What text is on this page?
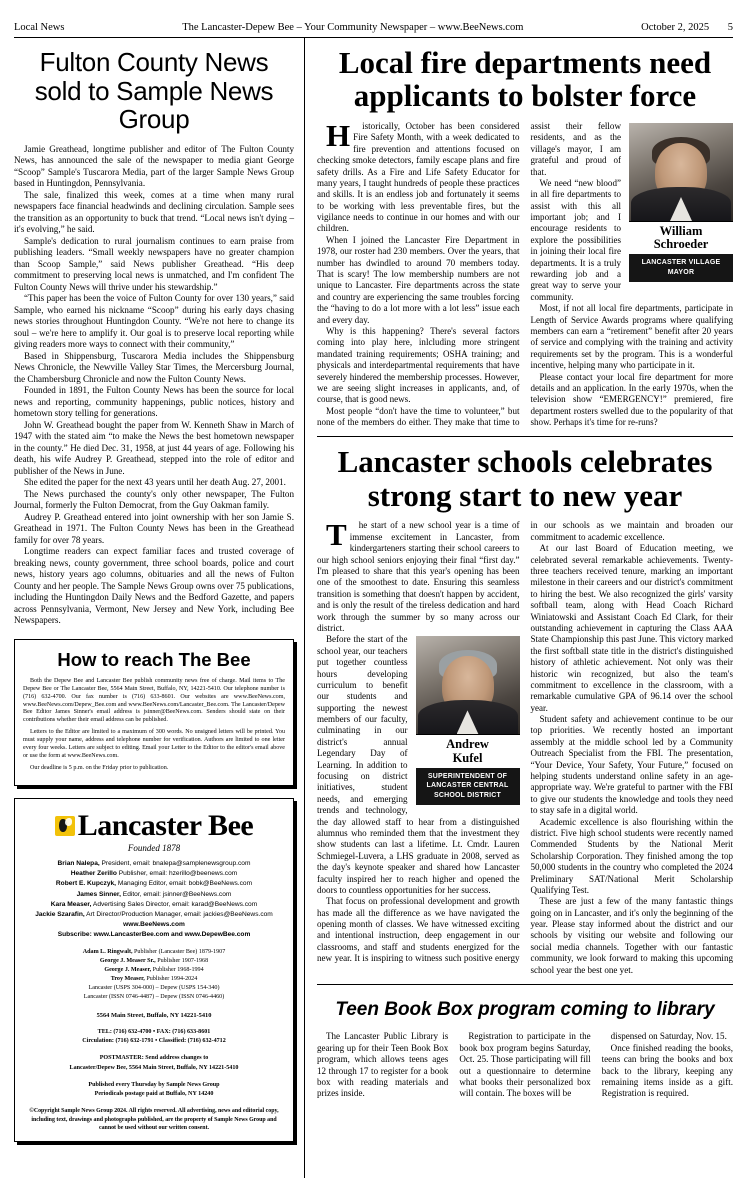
Local News	The Lancaster-Depew Bee – Your Community Newspaper – www.BeeNews.com	October 2, 2025 5
Fulton County News sold to Sample News Group

Jamie Greathead, longtime publisher and editor of The Fulton County News, has announced the sale of the newspaper to media giant George “Scoop” Sample's Tuscarora Media, part of the larger Sample News Group based in Huntingdon, Pennsylvania.

The sale, finalized this week, comes at a time when many rural newspapers face financial headwinds and declining circulation. Sample sees the transition as an opportunity to buck that trend. “Local news isn't dying – it's evolving,” he said.

Sample's dedication to rural journalism continues to earn praise from publishing leaders. “Small weekly newspapers have no greater champion than Scoop Sample,” said News publisher Greathead. “His deep commitment to preserving local news is unmatched, and I'm confident The Fulton County News will thrive under his stewardship.”

“This paper has been the voice of Fulton County for over 130 years,” said Sample, who earned his nickname “Scoop” during his early days chasing news stories throughout Huntingdon County. “We're not here to change its soul – we're here to amplify it. Our goal is to preserve local reporting while giving readers more ways to connect with their community,”

Based in Shippensburg, Tuscarora Media includes the Shippensburg News Chronicle, the Newville Valley Star Times, the Mercersburg Journal, the Chambersburg Chronicle and now the Fulton County News.

Founded in 1891, the Fulton County News has been the source for local news and reporting, community happenings, public notices, history and hometown story telling for generations.

John W. Greathead bought the paper from W. Kenneth Shaw in March of 1947 with the stated aim “to make the News the best hometown newspaper in the county.” He died Dec. 31, 1958, at just 44 years of age. Following his death, his wife Audrey P. Greathead, stepped into the role of editor and publisher of the News in June.

She edited the paper for the next 43 years until her death Aug. 27, 2001.

The News purchased the county's only other newspaper, The Fulton Journal, formerly the Fulton Democrat, from the Guy Oakman family.

Audrey P. Greathead entered into joint ownership with her son Jamie S. Greathead in 1971. The Fulton County News has been in the Greathead family for over 78 years.

Longtime readers can expect familiar faces and trusted coverage of breaking news, county government, three school boards, police and court news, history years ago columns, obituaries and all the news of Fulton County and her people. The Sample News Group owns over 75 publications, including the Huntingdon Daily News and the Bedford Gazette, and papers across Pennsylvania, Vermont, New Jersey and New York, including Bee Newspapers.

How to reach The Bee

Both the Depew Bee and Lancaster Bee publish community news free of charge. Mail items to The Depew Bee or The Lancaster Bee, 5564 Main Street, Buffalo, NY, 14221-5410. Our telephone number is (716) 632-4700. Our fax number is (716) 633-8601. Our websites are www.BeeNews.com, www.BeeNews.com/Depew_Bee.com and www.BeeNews.com/Lancaster_Bee.com. The Lancaster/Depew Bee Editor James Sinner's email address is jsinner@BeeNews.com. Senders should state on their contributions whether their email address can be published.

Letters to the Editor are limited to a maximum of 300 words. No unsigned letters will be printed. You must supply your name, address and telephone number for verification. Authors are limited to one letter every four weeks. Letters are subject to editing. Email your Letter to the Editor to the editor's email above or use the form at www.BeeNews.com.

Our deadline is 5 p.m. on the Friday prior to publication.

Lancaster Bee
Founded 1878
Brian Nalepa, President, email: bnalepa@samplenewsgroup.com
Heather Zerillo Publisher, email: hzerillo@beenews.com
Robert E. Kupczyk, Managing Editor, email: bobk@BeeNews.com
James Sinner, Editor, email: jsinner@BeeNews.com
Kara Measer, Advertising Sales Director, email: karad@BeeNews.com
Jackie Szarafin, Art Director/Production Manager, email: jackies@BeeNews.com
www.BeeNews.com
Subscribe: www.LancasterBee.com and www.DepewBee.com
Adam L. Ringwalt, Publisher (Lancaster Bee) 1879-1907
George J. Measer Sr., Publisher 1907-1968
George J. Measer, Publisher 1968-1994
Troy Measer, Publisher 1994-2024
Lancaster (USPS 304-000) – Depew (USPS 154-340)
Lancaster (ISSN 0746-4487) – Depew (ISSN 0746-4460)
5564 Main Street, Buffalo, NY 14221-5410
TEL: (716) 632-4700 • FAX: (716) 633-8601
Circulation: (716) 632-1791 • Classified: (716) 632-4712
POSTMASTER: Send address changes to
Lancaster/Depew Bee, 5564 Main Street, Buffalo, NY 14221-5410
Published every Thursday by Sample News Group
Periodicals postage paid at Buffalo, NY 14240
©Copyright Sample News Group 2024. All rights reserved. All advertising, news and editorial copy, including text, drawings and photographs published, are the property of Sample News Group and cannot be used without our written consent.
Local fire departments need applicants to bolster force

Historically, October has been considered Fire Safety Month, with a week dedicated to fire prevention and attentions focused on checking smoke detectors, family escape plans and fire safety drills. As a Fire and Life Safety Educator for many years, I taught hundreds of people these practices and skills. It is an endless job and fortunately it seems to be working with less preventable fires, but the vigilance needs to continue in our homes and with our children.

When I joined the Lancaster Fire Department in 1978, our roster had 230 members. Over the years, that number has dwindled to around 70 members today. That is scary! The low membership numbers are not unique to Lancaster. Fire departments across the state and country are experiencing the same troubles forcing the “having to do a lot more with a lot less” issue each and every day.

Why is this happening? There's several factors coming into play here, inlcluding more stringent mandated training requirements; OSHA training; and physicals and interdepartmental requirements that have severely hindered the membership processes. However, we are seeing slight increases in applicants, and, of course, that is good news.

William
Schroeder
LANCASTER VILLAGE
MAYOR

Most people “don't have the time to volunteer,” but none of the members do either. They make that time to assist their fellow residents, and as the village's mayor, I am grateful and proud of that.

We need “new blood” in all fire departments to assist with this all important job; and I encourage residents to explore the possibilities in joining their local fire departments. It is a truly rewarding job and a great way to serve your community.

Most, if not all local fire departments, participate in Length of Service Awards programs where qualifying members can earn a “retirement” benefit after 20 years of service and complying with the training and activity requirements set by the program. This is a wonderful incentive, helping many who participate in it.

Please contact your local fire department for more details and an application. In the early 1970s, when the television show “EMERGENCY!” premiered, fire department rosters swelled due to the popularity of that show. Perhaps it's time for re-runs?

Lancaster schools celebrates strong start to new year

The start of a new school year is a time of immense excitement in Lancaster, from kindergarteners starting their school careers to our high school seniors enjoying their final “first day.” I'm pleased to share that this year's opening has been one of the smoothest to date. Ensuring this seamless transition is something that doesn't happen by accident, and is only the result of the tireless dedication and hard work through the summer by so many across our district.

Andrew
Kufel
SUPERINTENDENT OF
LANCASTER CENTRAL
SCHOOL DISTRICT

Before the start of the school year, our teachers put together countless hours developing curriculum to benefit our students and supporting the newest members of our faculty, culminating in our district's annual Legendary Day of Learning. In addition to focusing on district initiatives, student needs, and emerging trends and technology, the day allowed staff to hear from a distinguished alumnus who reminded them that the investment they show students can last a lifetime. Lt. Cmdr. Lauren Schmiegel-Luvera, a LHS graduate in 2008, served as the day's keynote speaker and shared how Lancaster faculty inspired her to reach higher and opened the doors to countless opportunities for her success.

That focus on professional development and growth has made all the difference as we have navigated the opening month of classes. We have witnessed exciting and intentional instruction, deep engagement in our classrooms, and staff and students energized for the new year. It is inspiring to witness such positive energy in our schools as we maintain and broaden our commitment to academic excellence.

At our last Board of Education meeting, we celebrated several remarkable achievements. Twenty-three teachers received tenure, marking an important milestone in their careers and our district's commitment to hiring the best. We also recognized the girls' varsity softball team, along with Head Coach Richard Winiatowski and Assistant Coach Ed Clark, for their outstanding achievement in capturing the Class AAA State Championship this past June. This victory marked the first softball state title in the district's distinguished history of athletic achievement. Not only was their historic win recognized, but also the team's commitment to excellence in the classroom, with a remarkable cumulative GPA of 96.14 over the school year.

Student safety and achievement continue to be our top priorities. We recently hosted an important assembly at the middle school led by a Community Outreach Specialist from the FBI. The presentation, “Your Device, Your Safety, Your Future,” focused on helping students understand online safety in an age-appropriate way. We're grateful to partner with the FBI to give our students the knowledge and tools they need to stay safe in a digital world.

Academic excellence is also flourishing within the district. Five high school students were recently named Commended Students by the National Merit Scholarship Corporation. They finished among the top 50,000 students in the country who completed the 2024 Preliminary SAT/National Merit Scholarship Qualifying Test.

These are just a few of the many fantastic things going on in Lancaster, and it's only the beginning of the year. Please stay informed about the district and our schools by visiting our website and following our social media channels. Together with our fantastic community, we look forward to making this upcoming school year the best one yet.

Teen Book Box program coming to library

The Lancaster Public Library is gearing up for their Teen Book Box program, which allows teens ages 12 through 17 to register for a book box with reading materials and prizes inside.

Registration to participate in the book box program begins Saturday, Oct. 25. Those participating will fill out a questionnaire to determine what books their personalized box will contain. The boxes will be

dispensed on Saturday, Nov. 15.

Once finished reading the books, teens can bring the books and box back to the library, keeping any remaining items inside as a gift. Registration is required.
